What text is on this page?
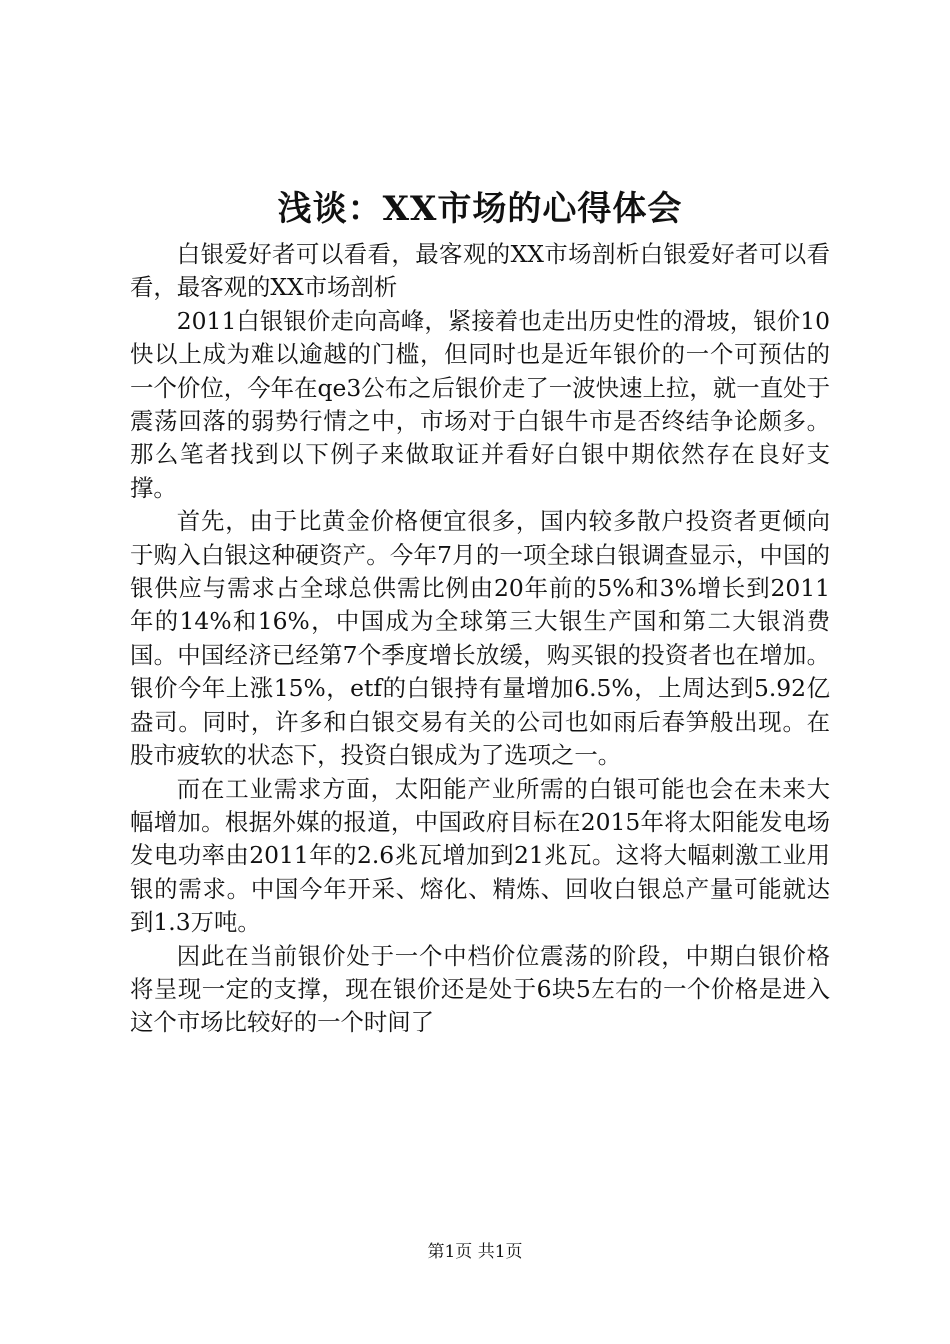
浅谈：XX市场的心得体会

白银爱好者可以看看，最客观的XX市场剖析白银爱好者可以看看，最客观的XX市场剖析

2011白银银价走向高峰，紧接着也走出历史性的滑坡，银价10快以上成为难以逾越的门槛，但同时也是近年银价的一个可预估的一个价位，今年在qe3公布之后银价走了一波快速上拉，就一直处于震荡回落的弱势行情之中，市场对于白银牛市是否终结争论颇多。那么笔者找到以下例子来做取证并看好白银中期依然存在良好支撑。

首先，由于比黄金价格便宜很多，国内较多散户投资者更倾向于购入白银这种硬资产。今年7月的一项全球白银调查显示，中国的银供应与需求占全球总供需比例由20年前的5%和3%增长到2011年的14%和16%，中国成为全球第三大银生产国和第二大银消费国。中国经济已经第7个季度增长放缓，购买银的投资者也在增加。银价今年上涨15%，etf的白银持有量增加6.5%，上周达到5.92亿盎司。同时，许多和白银交易有关的公司也如雨后春笋般出现。在股市疲软的状态下，投资白银成为了选项之一。

而在工业需求方面，太阳能产业所需的白银可能也会在未来大幅增加。根据外媒的报道，中国政府目标在2015年将太阳能发电场发电功率由2011年的2.6兆瓦增加到21兆瓦。这将大幅刺激工业用银的需求。中国今年开采、熔化、精炼、回收白银总产量可能就达到1.3万吨。

因此在当前银价处于一个中档价位震荡的阶段，中期白银价格将呈现一定的支撑，现在银价还是处于6块5左右的一个价格是进入这个市场比较好的一个时间了

第1页 共1页
